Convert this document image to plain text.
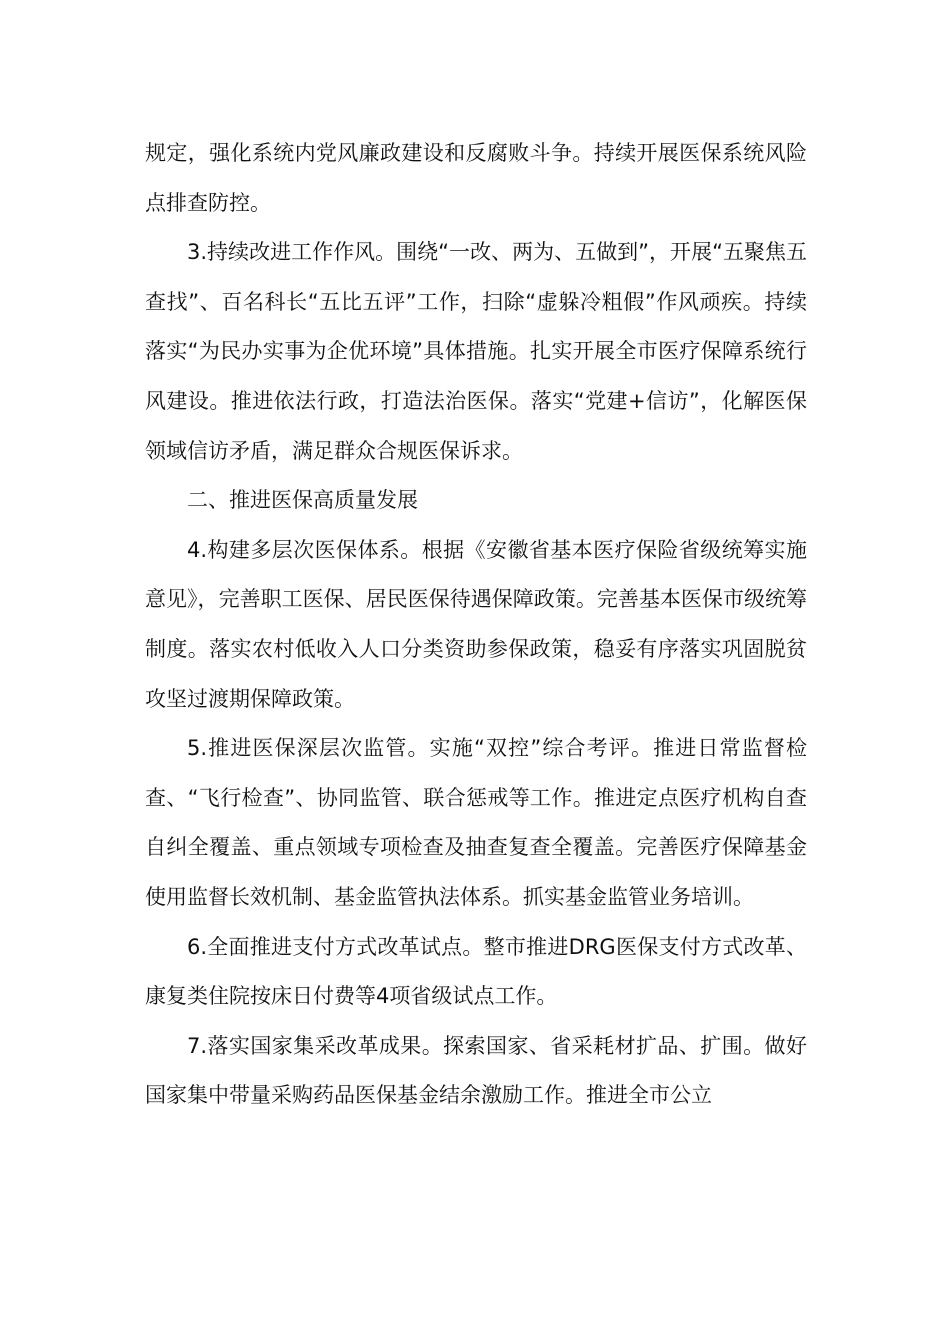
规定，强化系统内党风廉政建设和反腐败斗争。持续开展医保系统风险点排查防控。

3.持续改进工作作风。围绕“一改、两为、五做到”，开展“五聚焦五查找”、百名科长“五比五评”工作，扫除“虚躲冷粗假”作风顽疾。持续落实“为民办实事为企优环境”具体措施。扎实开展全市医疗保障系统行风建设。推进依法行政，打造法治医保。落实“党建+信访”，化解医保领域信访矛盾，满足群众合规医保诉求。

二、推进医保高质量发展

4.构建多层次医保体系。根据《安徽省基本医疗保险省级统筹实施意见》，完善职工医保、居民医保待遇保障政策。完善基本医保市级统筹制度。落实农村低收入人口分类资助参保政策，稳妥有序落实巩固脱贫攻坚过渡期保障政策。

5.推进医保深层次监管。实施“双控”综合考评。推进日常监督检查、“飞行检查”、协同监管、联合惩戒等工作。推进定点医疗机构自查自纠全覆盖、重点领域专项检查及抽查复查全覆盖。完善医疗保障基金使用监督长效机制、基金监管执法体系。抓实基金监管业务培训。

6.全面推进支付方式改革试点。整市推进DRG医保支付方式改革、康复类住院按床日付费等4项省级试点工作。

7.落实国家集采改革成果。探索国家、省采耗材扩品、扩围。做好国家集中带量采购药品医保基金结余激励工作。推进全市公立
